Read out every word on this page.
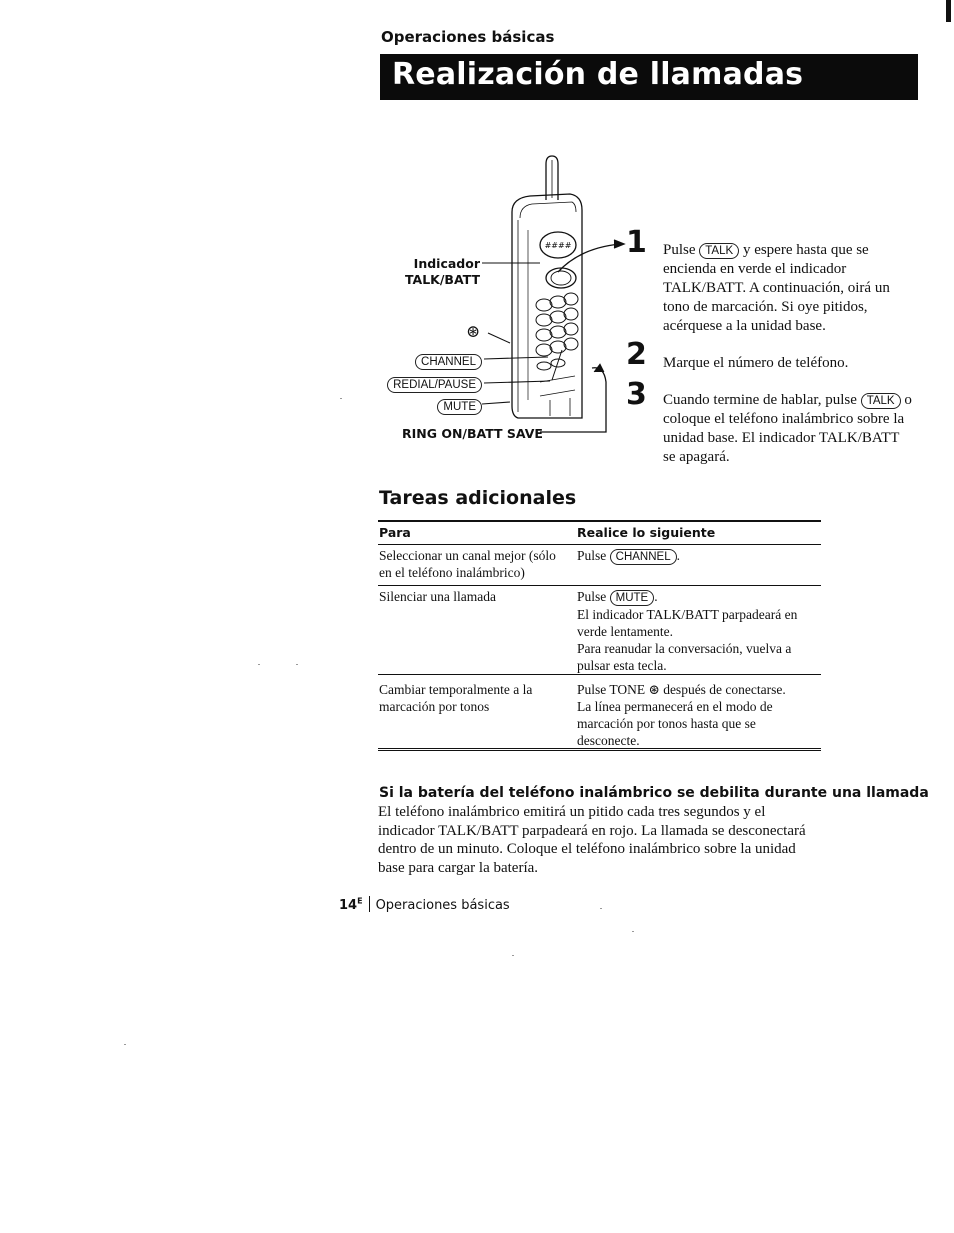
Operaciones básicas
Realización de llamadas
####
Indicador
TALK/BATT
⊛
CHANNEL
REDIAL/PAUSE
MUTE
RING ON/BATT SAVE
1 Pulse TALK y espere hasta que se encienda en verde el indicador TALK/BATT. A continuación, oirá un tono de marcación. Si oye pitidos, acérquese a la unidad base.
2 Marque el número de teléfono.
3 Cuando termine de hablar, pulse TALK o coloque el teléfono inalámbrico sobre la unidad base. El indicador TALK/BATT se apagará.
Tareas adicionales
Para	Realice lo siguiente
Seleccionar un canal mejor (sólo en el teléfono inalámbrico)
Pulse CHANNEL .
Silenciar una llamada	Pulse MUTE .
El indicador TALK/BATT parpadeará en verde lentamente.
Para reanudar la conversación, vuelva a pulsar esta tecla.
Cambiar temporalmente a la marcación por tonos
Pulse TONE ⊛ después de conectarse.
La línea permanecerá en el modo de marcación por tonos hasta que se desconecte.
Si la batería del teléfono inalámbrico se debilita durante una llamada
El teléfono inalámbrico emitirá un pitido cada tres segundos y el indicador TALK/BATT parpadeará en rojo. La llamada se desconectará dentro de un minuto. Coloque el teléfono inalámbrico sobre la unidad base para cargar la batería.
$14^E$ Operaciones básicas
